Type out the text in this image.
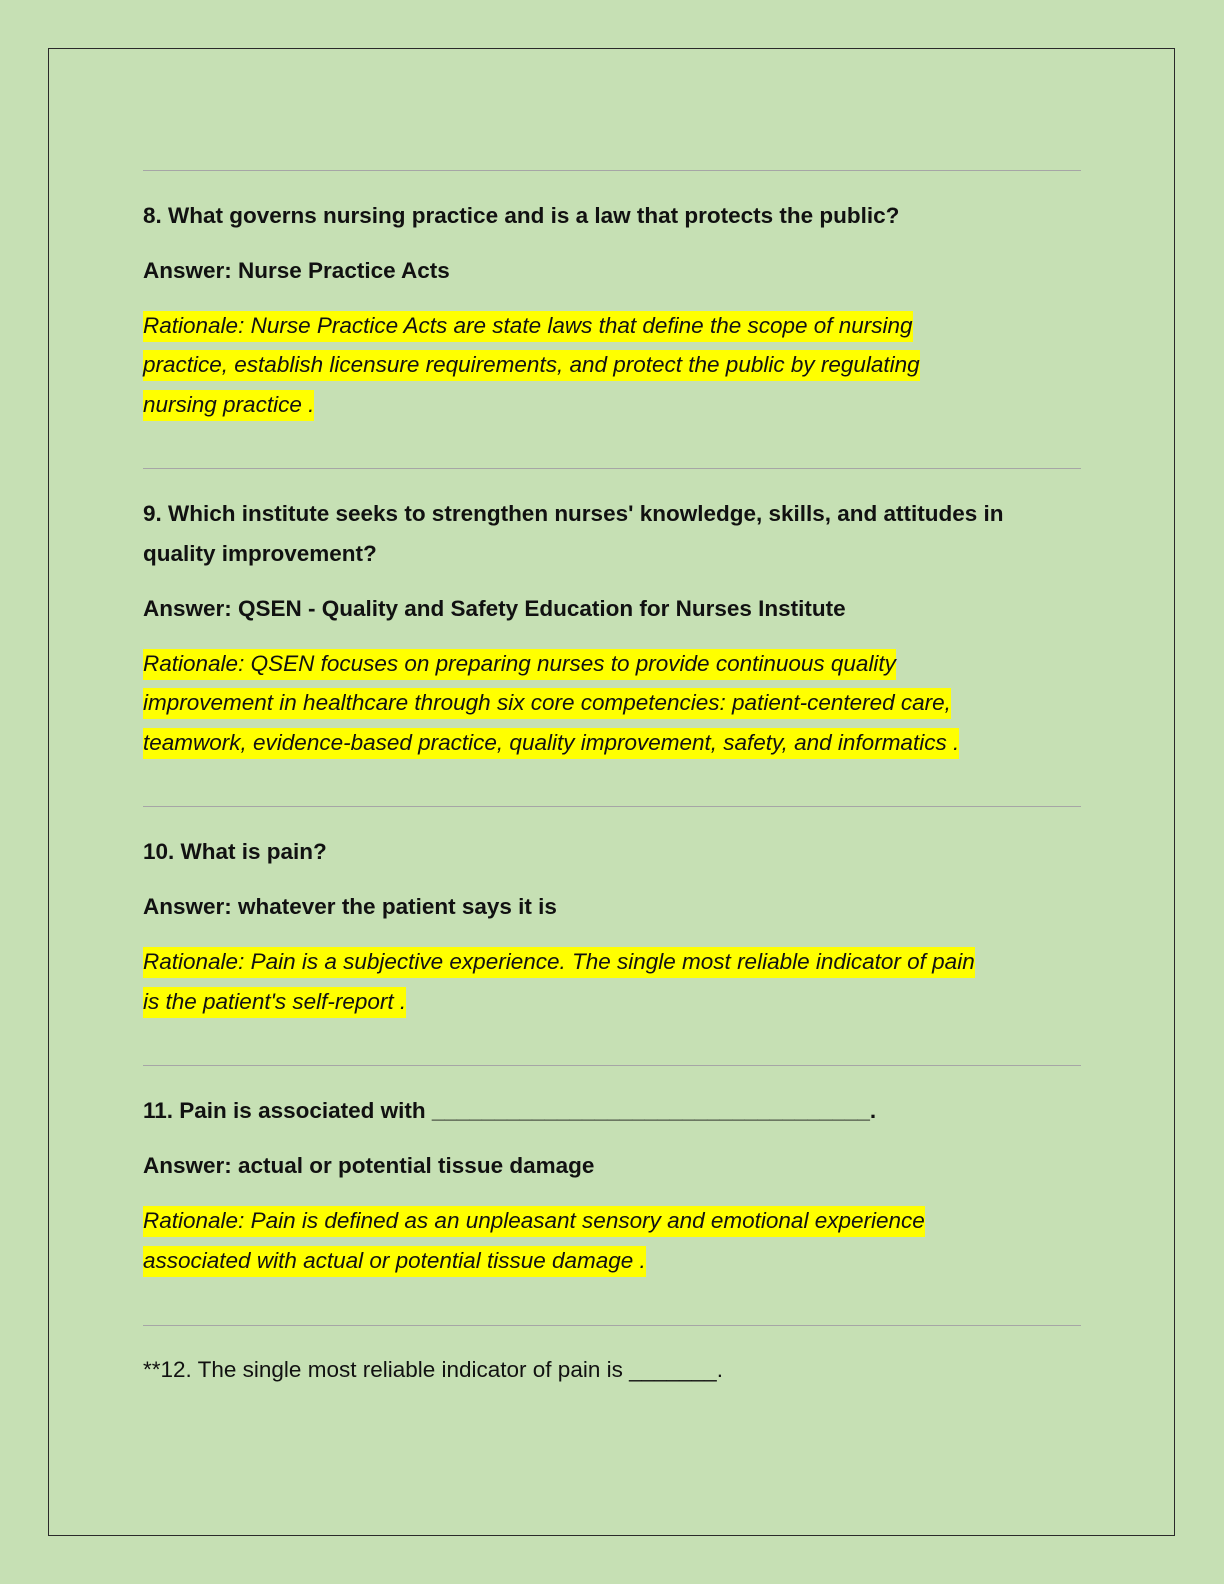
8. What governs nursing practice and is a law that protects the public?
Answer: Nurse Practice Acts
Rationale: Nurse Practice Acts are state laws that define the scope of nursing
practice, establish licensure requirements, and protect the public by regulating
nursing practice .
9. Which institute seeks to strengthen nurses' knowledge, skills, and attitudes in
quality improvement?
Answer: QSEN - Quality and Safety Education for Nurses Institute
Rationale: QSEN focuses on preparing nurses to provide continuous quality
improvement in healthcare through six core competencies: patient-centered care,
teamwork, evidence-based practice, quality improvement, safety, and informatics .
10. What is pain?
Answer: whatever the patient says it is
Rationale: Pain is a subjective experience. The single most reliable indicator of pain
is the patient's self-report .
11. Pain is associated with ___________________________________.
Answer: actual or potential tissue damage
Rationale: Pain is defined as an unpleasant sensory and emotional experience
associated with actual or potential tissue damage .
**12. The single most reliable indicator of pain is _______.
